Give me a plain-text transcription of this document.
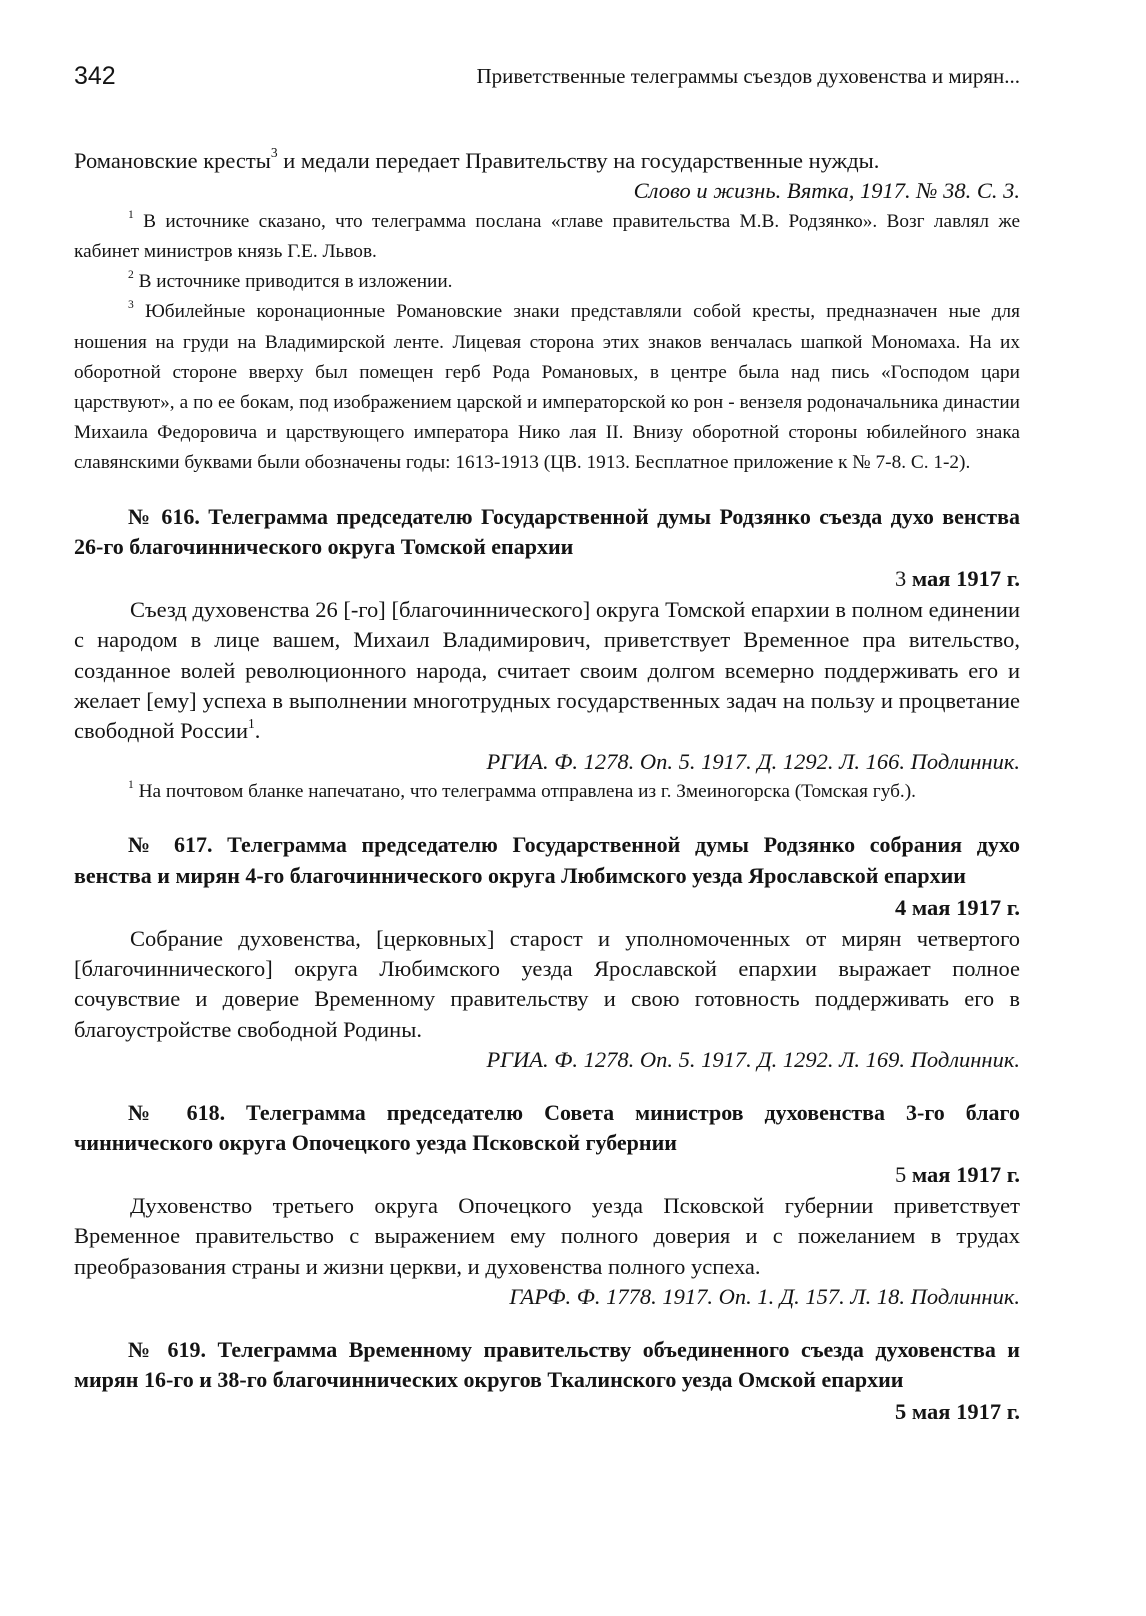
342	Приветственные телеграммы съездов духовенства и мирян...

Романовские кресты$^3$ и медали передает Правительству на государственные нужды.

Слово и жизнь. Вятка, 1917. № 38. С. 3.

$^1$ В источнике сказано, что телеграмма послана «главе правительства М.В. Родзянко». Возг лавлял же кабинет министров князь Г.Е. Львов.

$^2$ В источнике приводится в изложении.

$^3$ Юбилейные коронационные Романовские знаки представляли собой кресты, предназначен ные для ношения на груди на Владимирской ленте. Лицевая сторона этих знаков венчалась шапкой Мономаха. На их оборотной стороне вверху был помещен герб Рода Романовых, в центре была над пись «Господом цари царствуют», а по ее бокам, под изображением царской и императорской ко рон - вензеля родоначальника династии Михаила Федоровича и царствующего императора Нико лая II. Внизу оборотной стороны юбилейного знака славянскими буквами были обозначены годы: 1613-1913 (ЦВ. 1913. Бесплатное приложение к № 7-8. С. 1-2).

№ 616. Телеграмма председателю Государственной думы Родзянко съезда духо венства 26-го благочиннического округа Томской епархии

3 мая 1917 г.

Съезд духовенства 26 [-го] [благочиннического] округа Томской епархии в полном единении с народом в лице вашем, Михаил Владимирович, приветствует Временное пра вительство, созданное волей революционного народа, считает своим долгом всемерно поддерживать его и желает [ему] успеха в выполнении многотрудных государственных задач на пользу и процветание свободной России$^1$.

РГИА. Ф. 1278. Оп. 5. 1917. Д. 1292. Л. 166. Подлинник.

$^1$ На почтовом бланке напечатано, что телеграмма отправлена из г. Змеиногорска (Томская губ.).

№ 617. Телеграмма председателю Государственной думы Родзянко собрания духо венства и мирян 4-го благочиннического округа Любимского уезда Ярославской епархии

4 мая 1917 г.

Собрание духовенства, [церковных] старост и уполномоченных от мирян четвертого [благочиннического] округа Любимского уезда Ярославской епархии выражает полное сочувствие и доверие Временному правительству и свою готовность поддерживать его в благоустройстве свободной Родины.

РГИА. Ф. 1278. Оп. 5. 1917. Д. 1292. Л. 169. Подлинник.

№ 618. Телеграмма председателю Совета министров духовенства 3-го благо чиннического округа Опочецкого уезда Псковской губернии

5 мая 1917 г.

Духовенство третьего округа Опочецкого уезда Псковской губернии приветствует Временное правительство с выражением ему полного доверия и с пожеланием в трудах преобразования страны и жизни церкви, и духовенства полного успеха.

ГАРФ. Ф. 1778. 1917. Оп. 1. Д. 157. Л. 18. Подлинник.

№ 619. Телеграмма Временному правительству объединенного съезда духовенства и мирян 16-го и 38-го благочиннических округов Ткалинского уезда Омской епархии

5 мая 1917 г.
